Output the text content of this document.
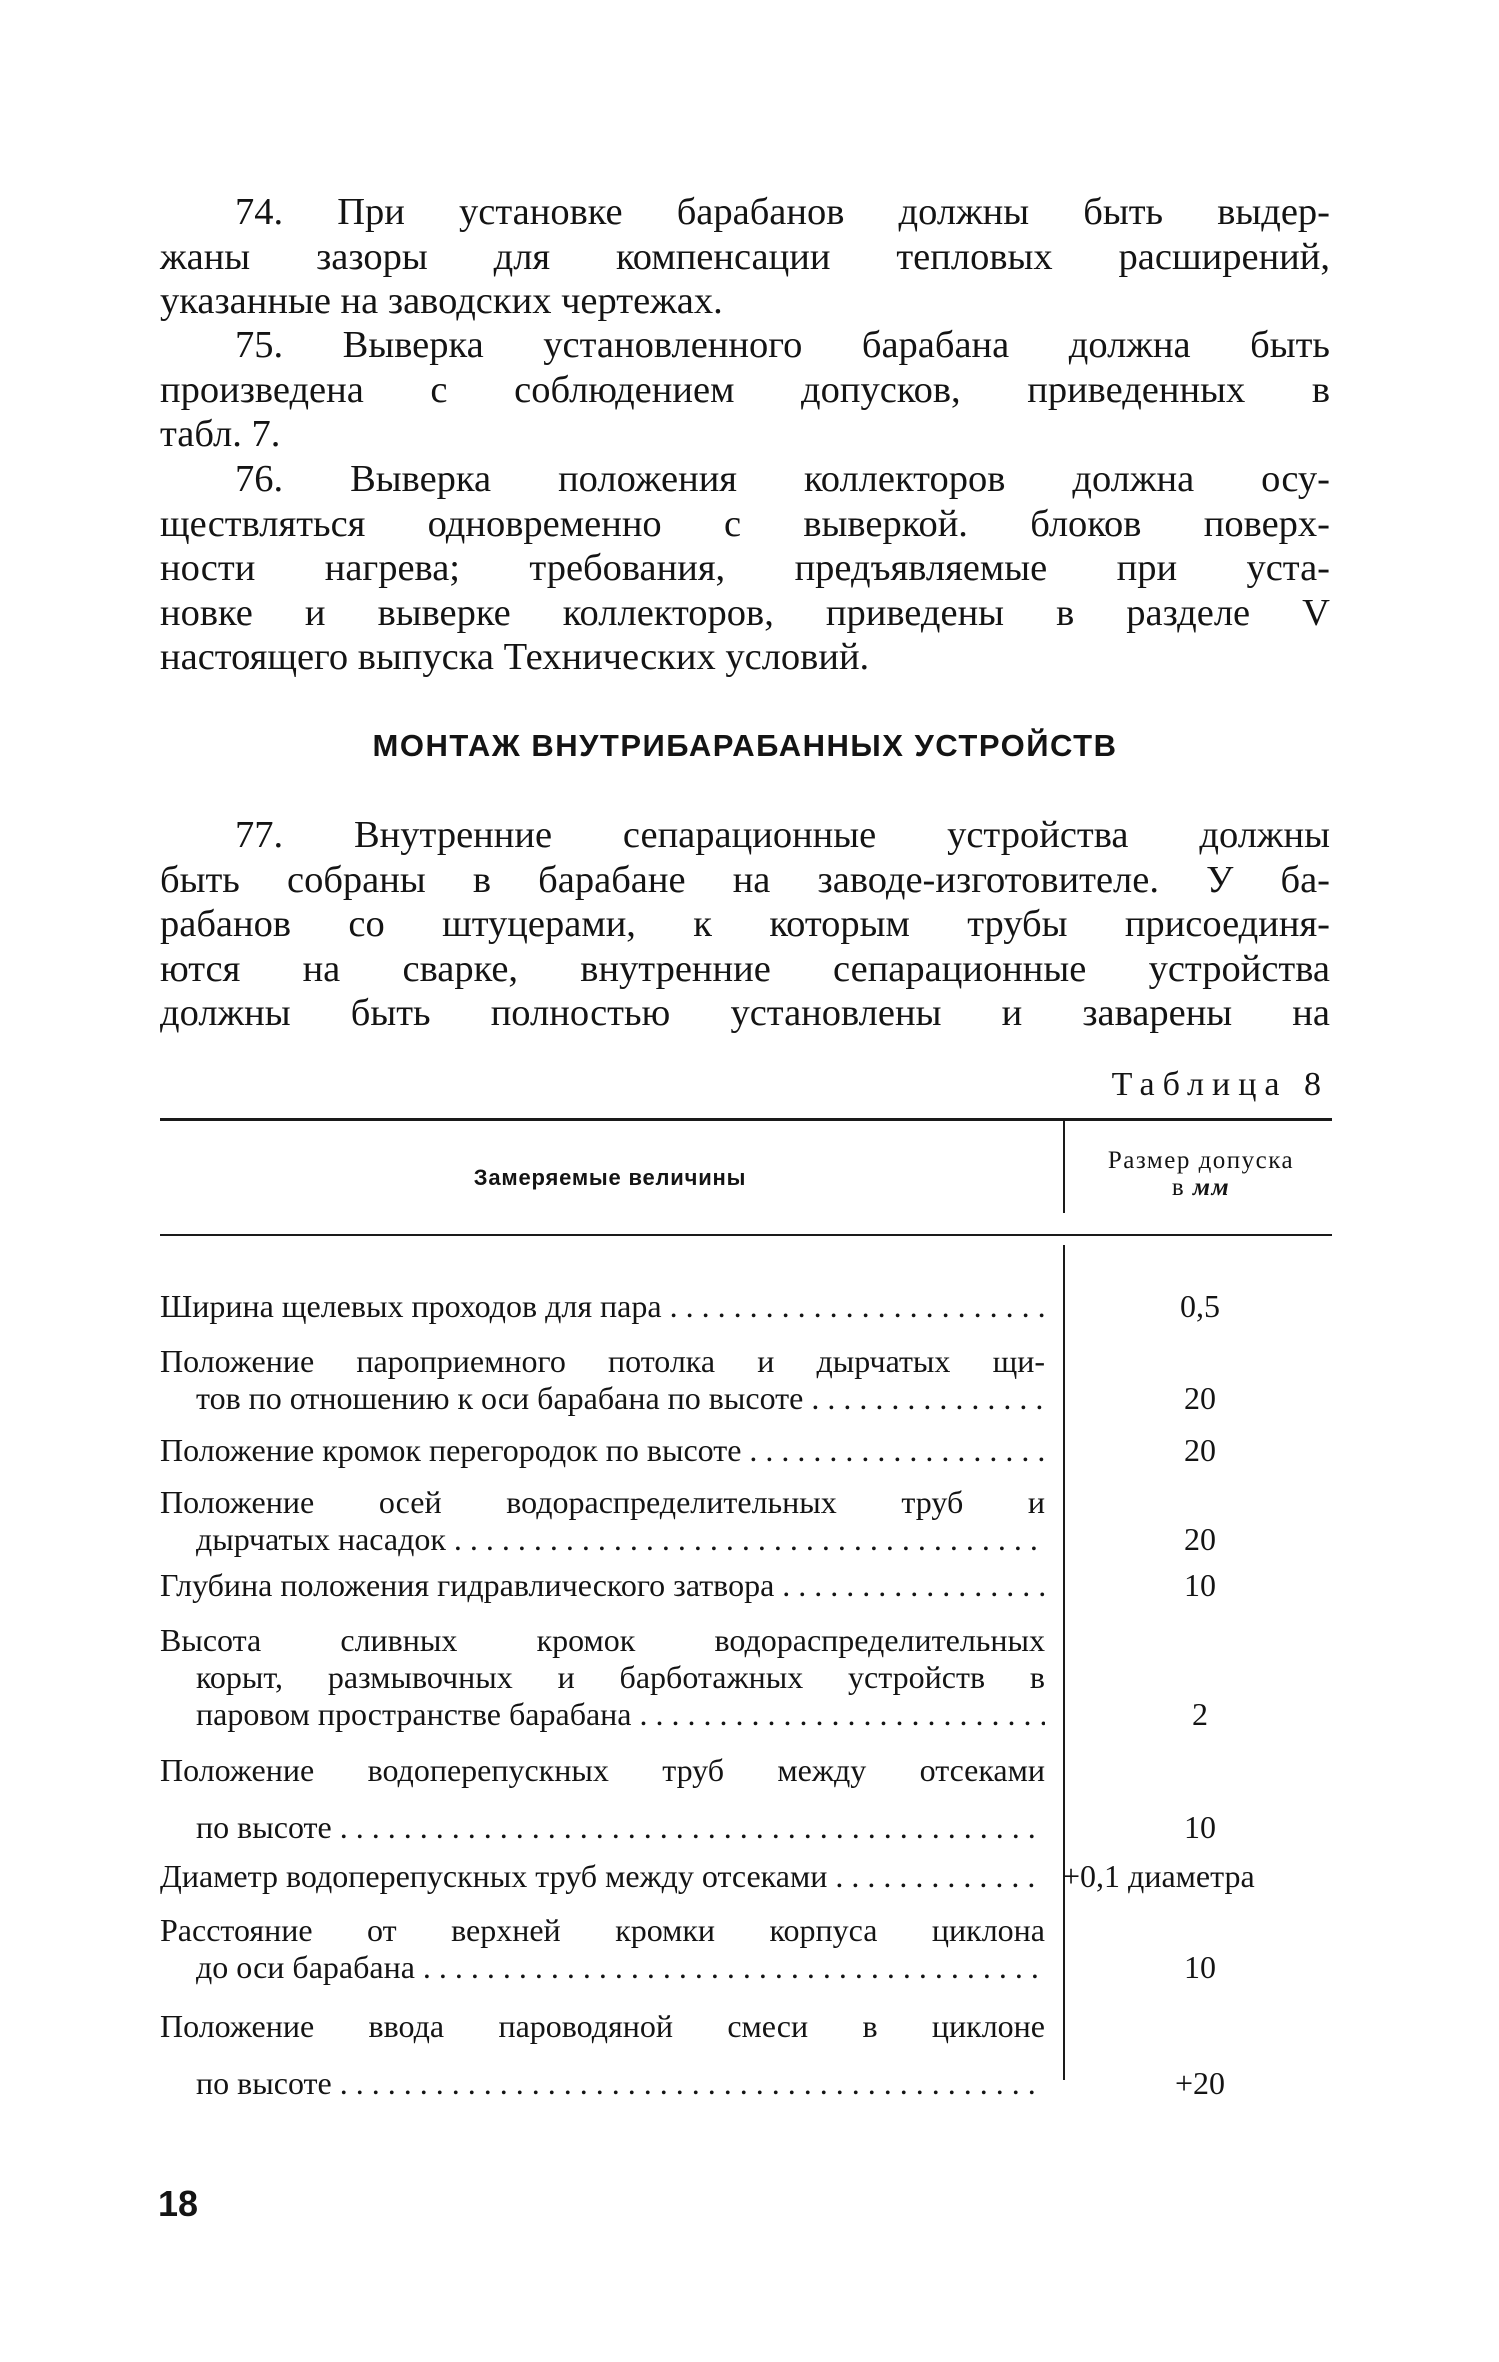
74. При установке барабанов должны быть выдер-
жаны зазоры для компенсации тепловых расширений,
указанные на заводских чертежах.
75. Выверка установленного барабана должна быть
произведена с соблюдением допусков, приведенных в
табл. 7.
76. Выверка положения коллекторов должна осу-
ществляться одновременно с выверкой. блоков поверх-
ности нагрева; требования, предъявляемые при уста-
новке и выверке коллекторов, приведены в разделе V
настоящего выпуска Технических условий.
МОНТАЖ ВНУТРИБАРАБАННЫХ УСТРОЙСТВ
77. Внутренние сепарационные устройства должны
быть собраны в барабане на заводе-изготовителе. У ба-
рабанов со штуцерами, к которым трубы присоединя-
ются на сварке, внутренние сепарационные устройства
должны быть полностью установлены и заварены на
Таблица 8
Замеряемые величины
Размер допуска
в мм
Ширина щелевых проходов для пара . . .	0,5
Положение пароприемного потолка и дырчатых щи-
тов по отношению к оси барабана по высоте . . .	20
Положение кромок перегородок по высоте . . .	20
Положение осей водораспределительных труб и
дырчатых насадок . . .	20
Глубина положения гидравлического затвора . . .	10
Высота сливных кромок водораспределительных
корыт, размывочных и барботажных устройств в
паровом пространстве барабана . . .	2
Положение водоперепускных труб между отсеками
по высоте . . .	10
Диаметр водоперепускных труб между отсеками . . .	+0,1 диаметра
Расстояние от верхней кромки корпуса циклона
до оси барабана . . .	10
Положение ввода пароводяной смеси в циклоне
по высоте . . .	+20
18
